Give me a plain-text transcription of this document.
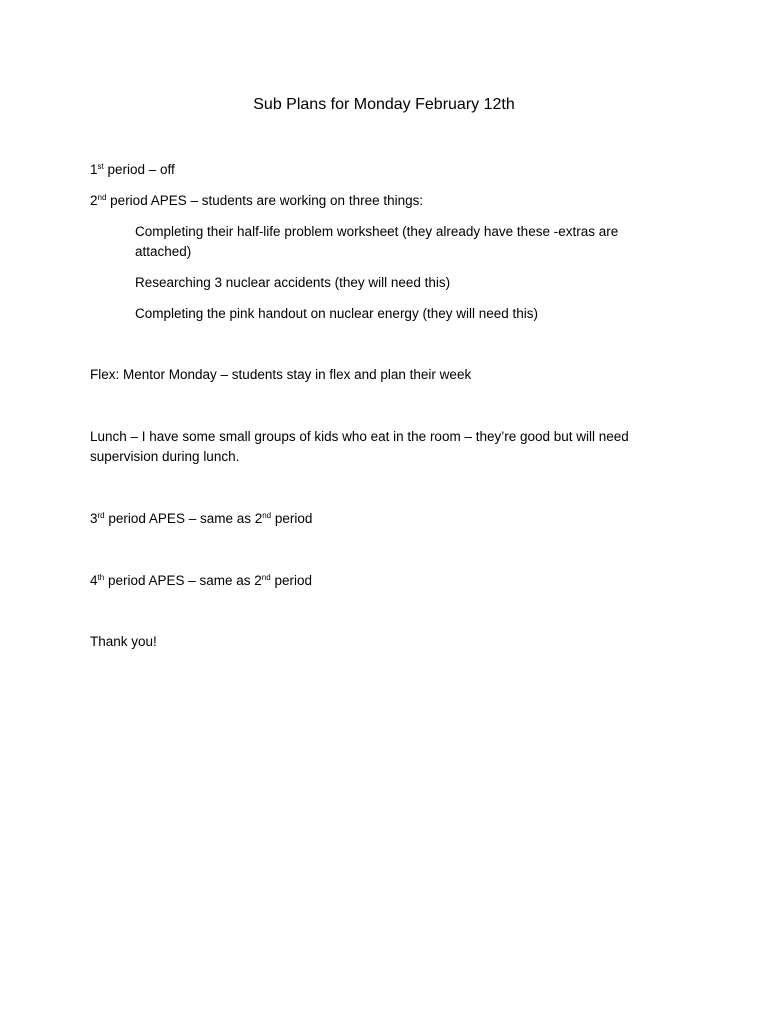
Sub Plans for Monday February 12th
1st period – off
2nd period APES – students are working on three things:
Completing their half-life problem worksheet (they already have these -extras are attached)
Researching 3 nuclear accidents (they will need this)
Completing the pink handout on nuclear energy (they will need this)
Flex: Mentor Monday – students stay in flex and plan their week
Lunch – I have some small groups of kids who eat in the room – they’re good but will need supervision during lunch.
3rd period APES – same as 2nd period
4th period APES – same as 2nd period
Thank you!
